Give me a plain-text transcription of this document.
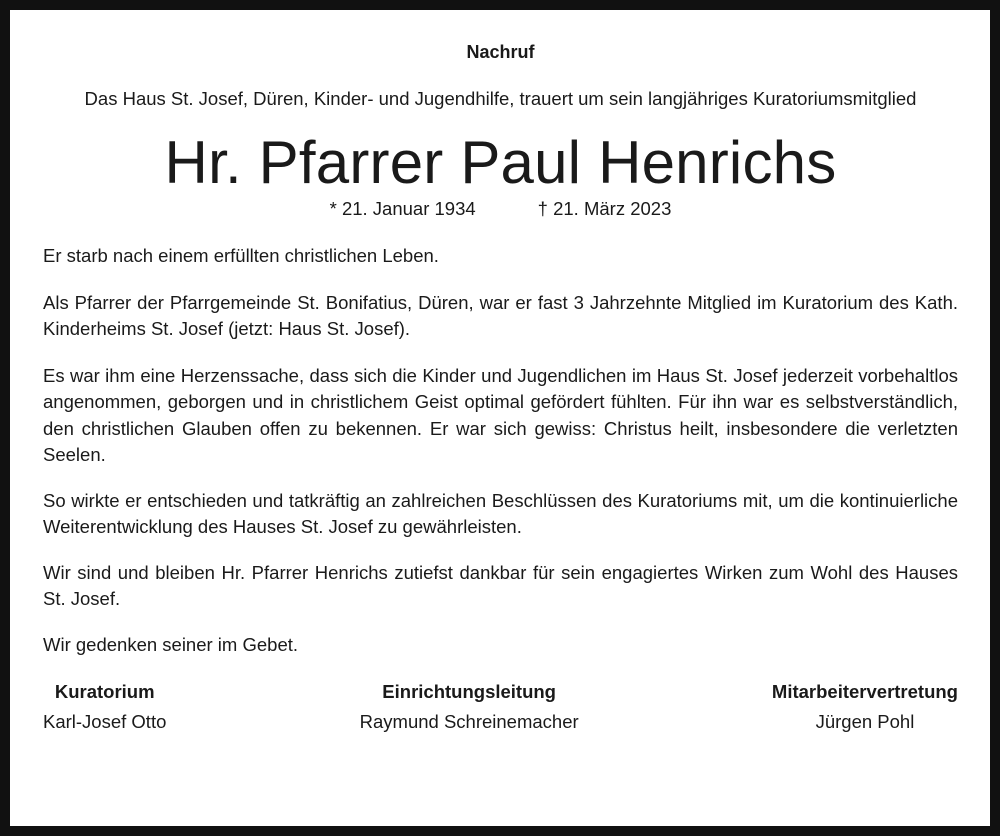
Nachruf
Das Haus St. Josef, Düren, Kinder- und Jugendhilfe, trauert um sein langjähriges Kuratoriumsmitglied
Hr. Pfarrer Paul Henrichs
* 21. Januar 1934	† 21. März 2023

Er starb nach einem erfüllten christlichen Leben.

Als Pfarrer der Pfarrgemeinde St. Bonifatius, Düren, war er fast 3 Jahrzehnte Mitglied im Kuratorium des Kath. Kinderheims St. Josef (jetzt: Haus St. Josef).

Es war ihm eine Herzenssache, dass sich die Kinder und Jugendlichen im Haus St. Josef jederzeit vorbehaltlos angenommen, geborgen und in christlichem Geist optimal gefördert fühlten. Für ihn war es selbstverständlich, den christlichen Glauben offen zu bekennen. Er war sich gewiss: Christus heilt, insbesondere die verletzten Seelen.

So wirkte er entschieden und tatkräftig an zahlreichen Beschlüssen des Kuratoriums mit, um die kontinuierliche Weiterentwicklung des Hauses St. Josef zu gewährleisten.

Wir sind und bleiben Hr. Pfarrer Henrichs zutiefst dankbar für sein engagiertes Wirken zum Wohl des Hauses St. Josef.

Wir gedenken seiner im Gebet.

Kuratorium
Karl-Josef Otto
Einrichtungsleitung
Raymund Schreinemacher
Mitarbeitervertretung
Jürgen Pohl
